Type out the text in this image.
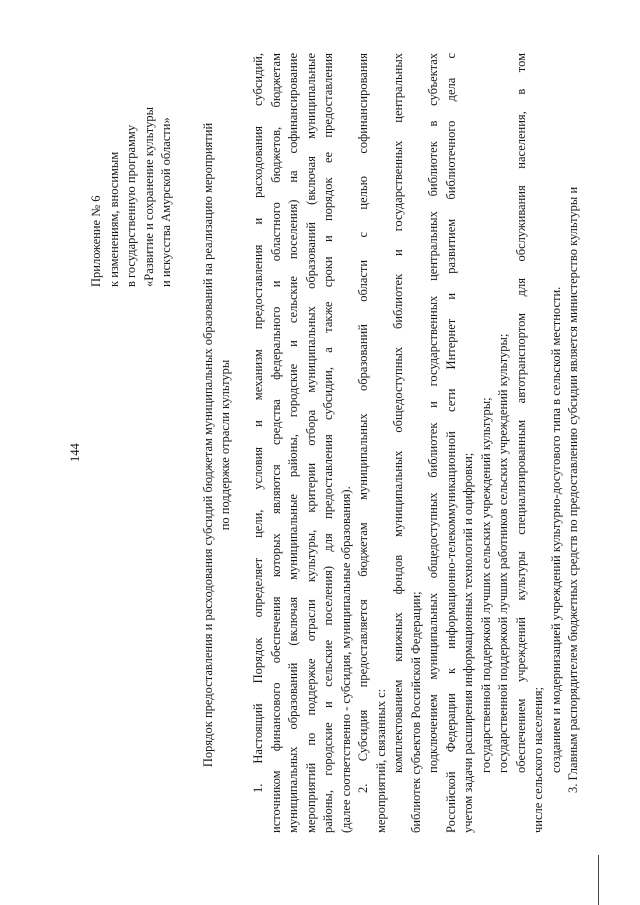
144
Приложение № 6 к изменениям, вносимым в государственную программу «Развитие и сохранение культуры и искусства Амурской области» Порядок предоставления и расходования субсидий бюджетам муниципальных образований на реализацию мероприятий по поддержке отрасли культуры 1. Настоящий Порядок определяет цели, условия и механизм предоставления и расходования субсидий, источником финансового обеспечения которых являются средства федерального и областного бюджетов, бюджетам муниципальных образований (включая муниципальные районы, городские и сельские поселения) на софинансирование мероприятий по поддержке отрасли культуры, критерии отбора муниципальных образований (включая муниципальные районы, городские и сельские поселения) для предоставления субсидии, а также сроки и порядок ее предоставления (далее соответственно - субсидия, муниципальные образования). 2. Субсидия предоставляется бюджетам муниципальных образований области с целью софинансирования мероприятий, связанных с: комплектованием книжных фондов муниципальных общедоступных библиотек и государственных центральных библиотек субъектов Российской Федерации; подключением муниципальных общедоступных библиотек и государственных центральных библиотек в субъектах Российской Федерации к информационно-телекоммуникационной сети Интернет и развитием библиотечного дела с учетом задачи расширения информационных технологий и оцифровки; государственной поддержкой лучших сельских учреждений культуры; государственной поддержкой лучших работников сельских учреждений культуры; обеспечением учреждений культуры специализированным автотранспортом для обслуживания населения, в том числе сельского населения; созданием и модернизацией учреждений культурно-досугового типа в сельской местности. 3. Главным распорядителем бюджетных средств по предоставлению субсидии является министерство культуры и
